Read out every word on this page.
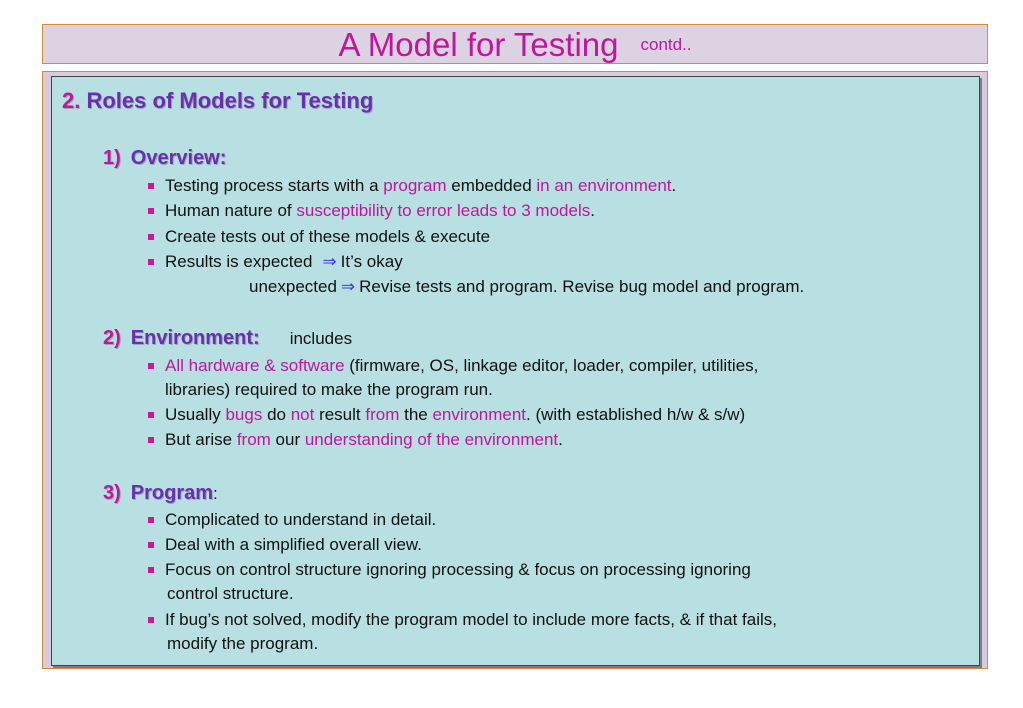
A Model for Testing contd..
2. Roles of Models for Testing
1) Overview:
Testing process starts with a program embedded in an environment.
Human nature of susceptibility to error leads to 3 models.
Create tests out of these models & execute
Results is expected ⇒ It’s okay
unexpected ⇒ Revise tests and program. Revise bug model and program.
2) Environment: includes
All hardware & software (firmware, OS, linkage editor, loader, compiler, utilities,
libraries) required to make the program run.
Usually bugs do not result from the environment. (with established h/w & s/w)
But arise from our understanding of the environment.
3) Program:
Complicated to understand in detail.
Deal with a simplified overall view.
Focus on control structure ignoring processing & focus on processing ignoring
control structure.
If bug’s not solved, modify the program model to include more facts, & if that fails,
modify the program.
